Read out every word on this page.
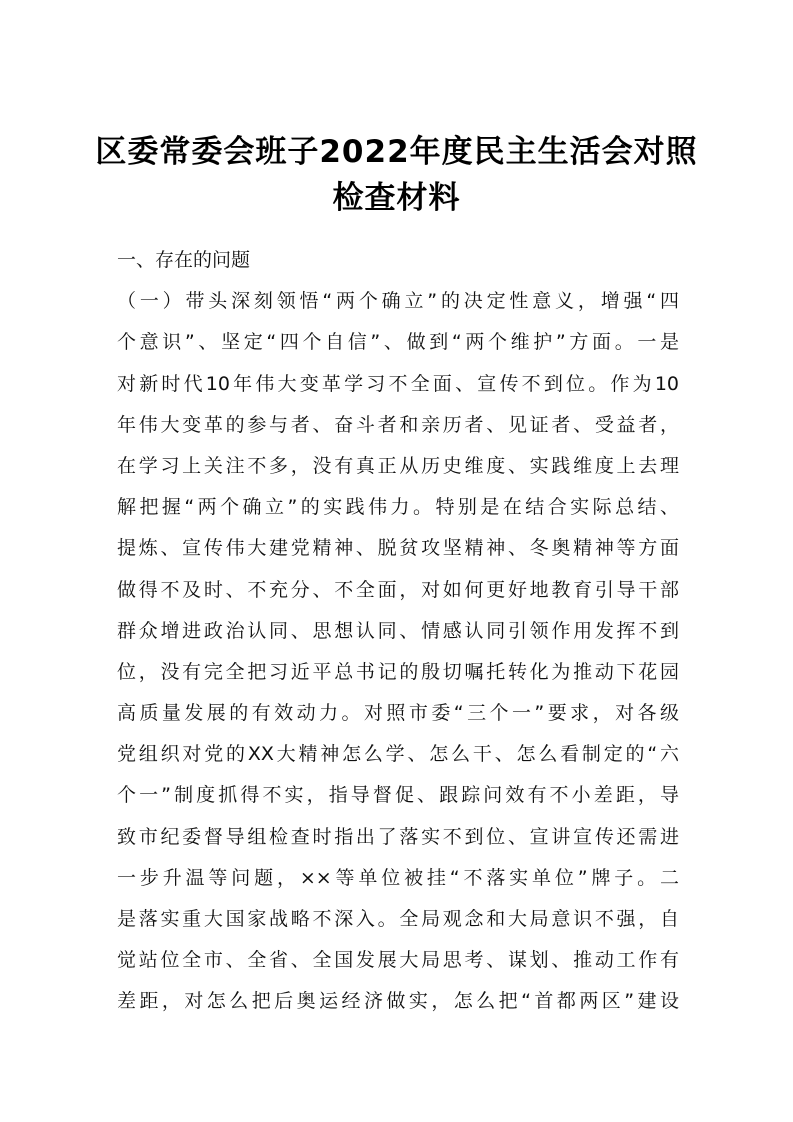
区委常委会班子2022年度民主生活会对照
检查材料
一、存在的问题
（一）带头深刻领悟“两个确立”的决定性意义，增强“四
个意识”、坚定“四个自信”、做到“两个维护”方面。一是
对新时代10年伟大变革学习不全面、宣传不到位。作为10
年伟大变革的参与者、奋斗者和亲历者、见证者、受益者，
在学习上关注不多，没有真正从历史维度、实践维度上去理
解把握“两个确立”的实践伟力。特别是在结合实际总结、
提炼、宣传伟大建党精神、脱贫攻坚精神、冬奥精神等方面
做得不及时、不充分、不全面，对如何更好地教育引导干部
群众增进政治认同、思想认同、情感认同引领作用发挥不到
位，没有完全把习近平总书记的殷切嘱托转化为推动下花园
高质量发展的有效动力。对照市委“三个一”要求，对各级
党组织对党的XX大精神怎么学、怎么干、怎么看制定的“六
个一”制度抓得不实，指导督促、跟踪问效有不小差距，导
致市纪委督导组检查时指出了落实不到位、宣讲宣传还需进
一步升温等问题，××等单位被挂“不落实单位”牌子。二
是落实重大国家战略不深入。全局观念和大局意识不强，自
觉站位全市、全省、全国发展大局思考、谋划、推动工作有
差距，对怎么把后奥运经济做实，怎么把“首都两区”建设
